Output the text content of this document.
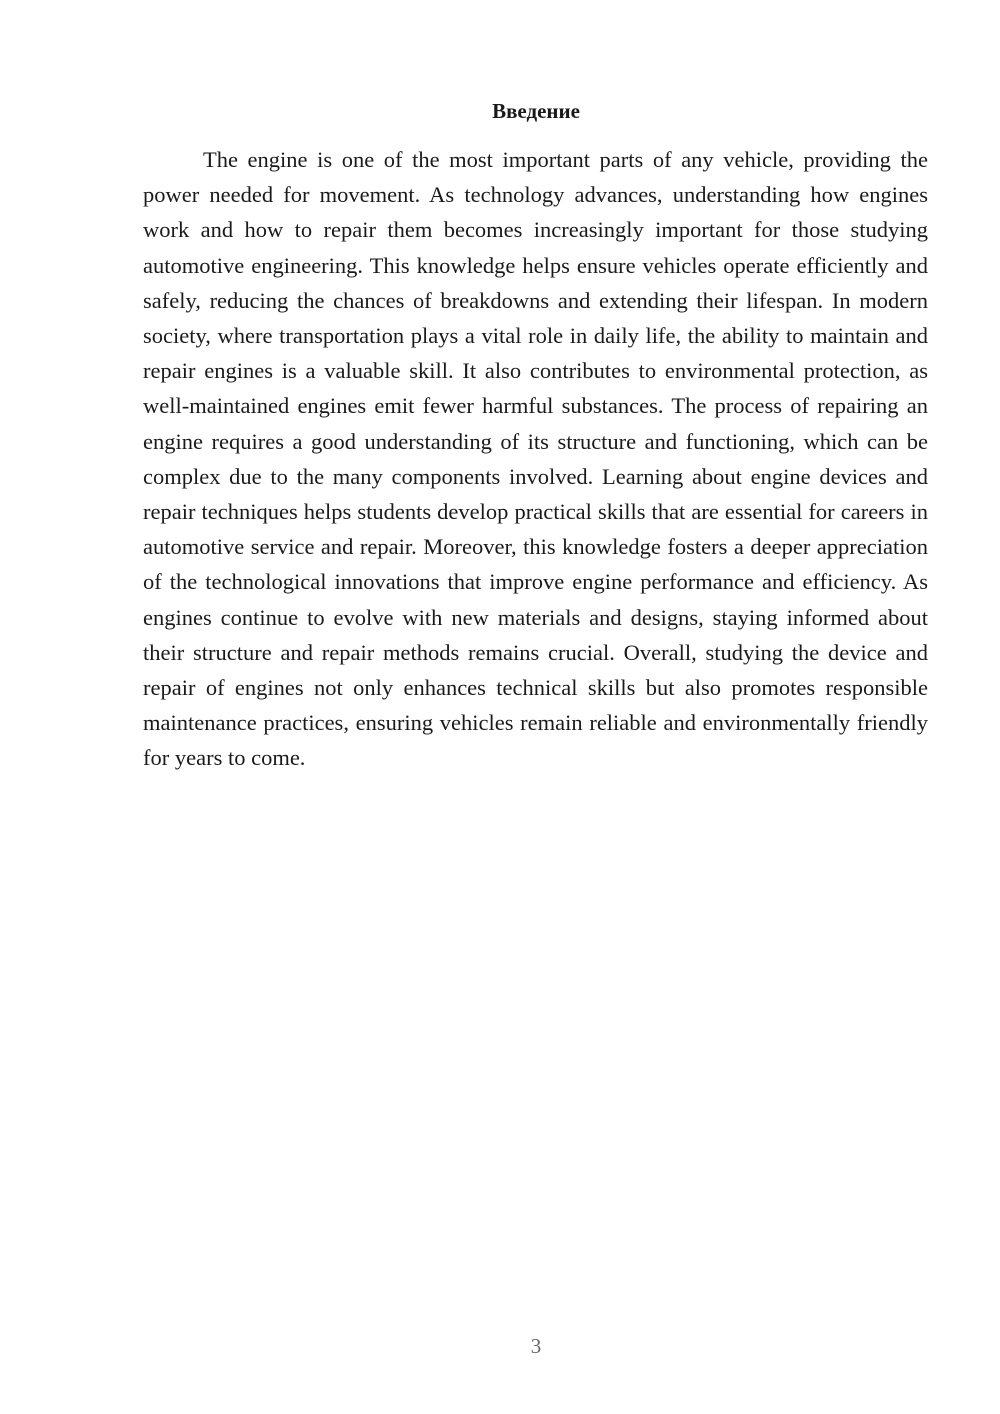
Введение

The engine is one of the most important parts of any vehicle, providing the power needed for movement. As technology advances, understanding how engines work and how to repair them becomes increasingly important for those studying automotive engineering. This knowledge helps ensure vehicles operate efficiently and safely, reducing the chances of breakdowns and extending their lifespan. In modern society, where transportation plays a vital role in daily life, the ability to maintain and repair engines is a valuable skill. It also contributes to environmental protection, as well-maintained engines emit fewer harmful substances. The process of repairing an engine requires a good understanding of its structure and functioning, which can be complex due to the many components involved. Learning about engine devices and repair techniques helps students develop practical skills that are essential for careers in automotive service and repair. Moreover, this knowledge fosters a deeper appreciation of the technological innovations that improve engine performance and efficiency. As engines continue to evolve with new materials and designs, staying informed about their structure and repair methods remains crucial. Overall, studying the device and repair of engines not only enhances technical skills but also promotes responsible maintenance practices, ensuring vehicles remain reliable and environmentally friendly for years to come.

3
